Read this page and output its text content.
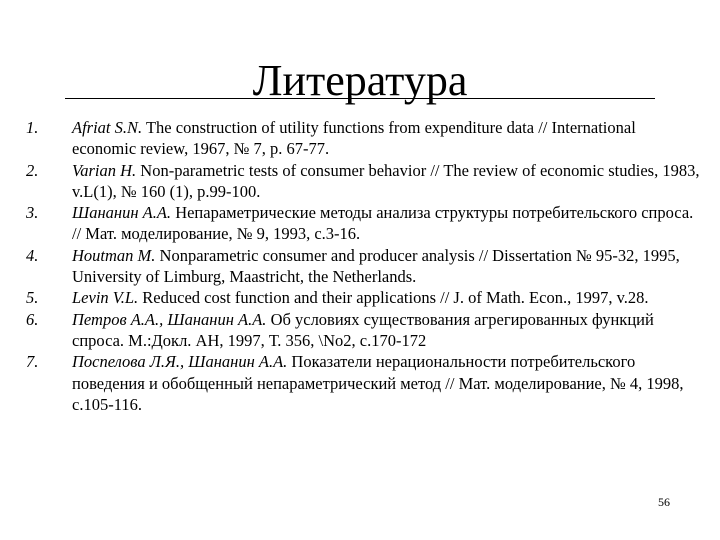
Литература
1. Afriat S.N. The construction of utility functions from expenditure data // International economic review, 1967, № 7, p. 67-77.
2. Varian H. Non-parametric tests of consumer behavior // The review of economic studies, 1983, v.L(1), № 160 (1), p.99-100.
3. Шананин А.А. Непараметрические методы анализа структуры потребительского спроса. // Мат. моделирование, № 9, 1993, с.3-16.
4. Houtman M. Nonparametric consumer and producer analysis // Dissertation № 95-32, 1995, University of Limburg, Maastricht, the Netherlands.
5. Levin V.L. Reduced cost function and their applications // J. of Math. Econ., 1997, v.28.
6. Петров А.А., Шананин А.А. Об условиях существования агрегированных функций спроса. М.:Докл. АН, 1997, Т. 356, \No2, с.170-172
7. Поспелова Л.Я., Шананин А.А. Показатели нерациональности потребительского поведения и обобщенный непараметрический метод // Мат. моделирование, № 4, 1998, с.105-116.
56
